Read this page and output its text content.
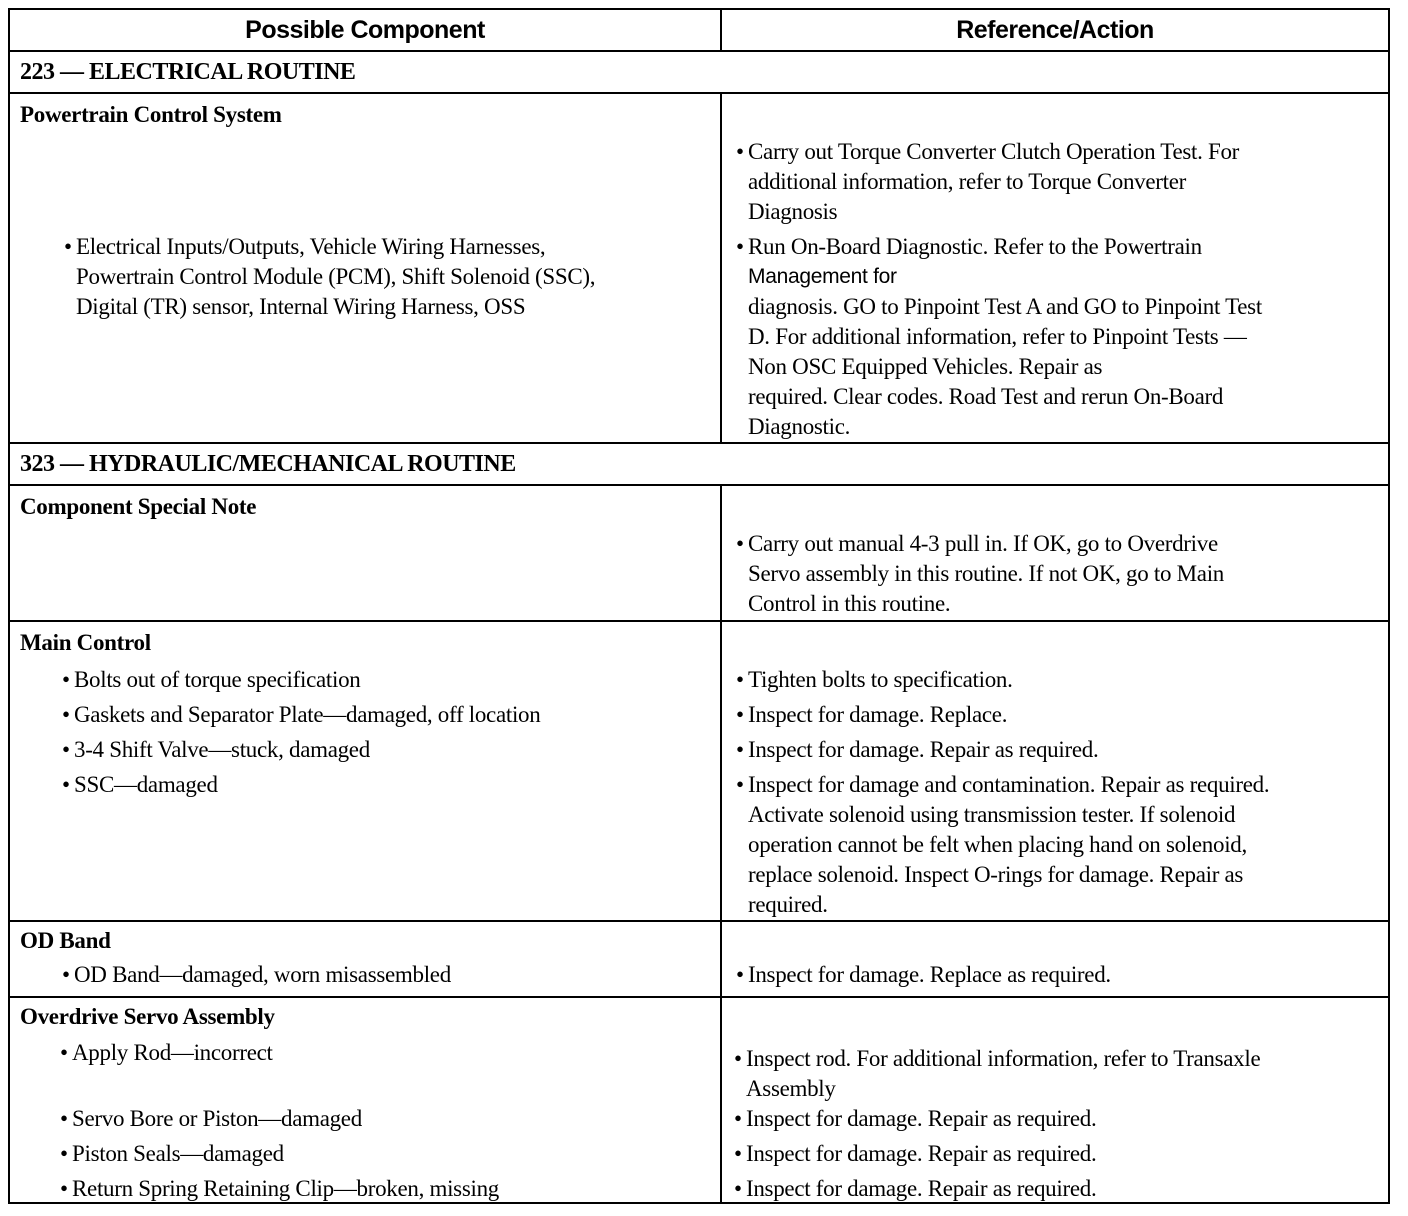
Possible Component	Reference/Action
223 — ELECTRICAL ROUTINE
Powertrain Control System
• Electrical Inputs/Outputs, Vehicle Wiring Harnesses,
Powertrain Control Module (PCM), Shift Solenoid (SSC),
Digital (TR) sensor, Internal Wiring Harness, OSS
• Carry out Torque Converter Clutch Operation Test. For
additional information, refer to Torque Converter
Diagnosis
• Run On-Board Diagnostic. Refer to the Powertrain
Management for
diagnosis. GO to Pinpoint Test A and GO to Pinpoint Test
D. For additional information, refer to Pinpoint Tests —
Non OSC Equipped Vehicles. Repair as
required. Clear codes. Road Test and rerun On-Board
Diagnostic.
323 — HYDRAULIC/MECHANICAL ROUTINE
Component Special Note
• Carry out manual 4-3 pull in. If OK, go to Overdrive
Servo assembly in this routine. If not OK, go to Main
Control in this routine.
Main Control
• Bolts out of torque specification
• Gaskets and Separator Plate—damaged, off location
• 3-4 Shift Valve—stuck, damaged
• SSC—damaged
• Tighten bolts to specification.
• Inspect for damage. Replace.
• Inspect for damage. Repair as required.
• Inspect for damage and contamination. Repair as required.
Activate solenoid using transmission tester. If solenoid
operation cannot be felt when placing hand on solenoid,
replace solenoid. Inspect O-rings for damage. Repair as
required.
OD Band
• OD Band—damaged, worn misassembled
•	Inspect for damage. Replace as required.
Overdrive Servo Assembly
• Apply Rod—incorrect
• Servo Bore or Piston—damaged
• Piston Seals—damaged
• Return Spring Retaining Clip—broken, missing
• Inspect rod. For additional information, refer to Transaxle
Assembly
• Inspect for damage. Repair as required.
• Inspect for damage. Repair as required.
• Inspect for damage. Repair as required.
